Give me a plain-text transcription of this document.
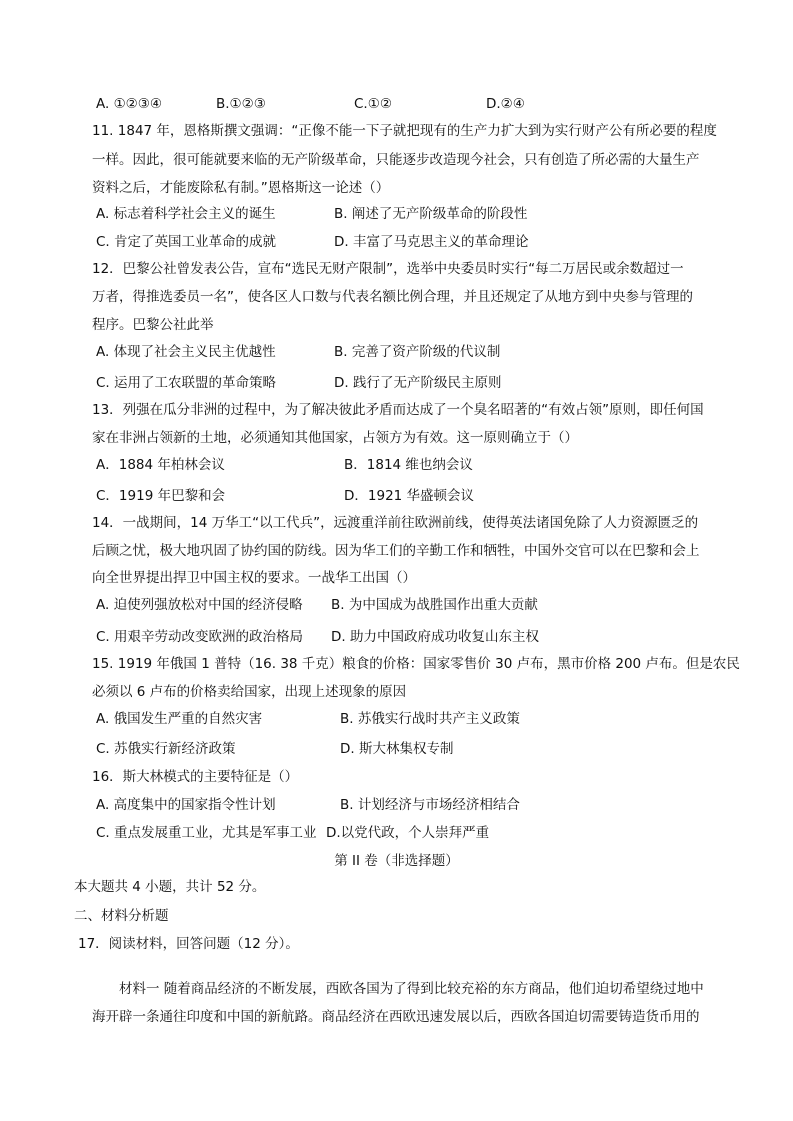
A. ①②③④	B.①②③	C.①②	D.②④
11. 1847 年，恩格斯撰文强调：“正像不能一下子就把现有的生产力扩大到为实行财产公有所必要的程度
一样。因此，很可能就要来临的无产阶级革命，只能逐步改造现今社会，只有创造了所必需的大量生产
资料之后，才能废除私有制。”恩格斯这一论述（）
A. 标志着科学社会主义的诞生	B. 阐述了无产阶级革命的阶段性
C. 肯定了英国工业革命的成就	D. 丰富了马克思主义的革命理论
12．巴黎公社曾发表公告，宣布“选民无财产限制”，选举中央委员时实行“每二万居民或余数超过一
万者，得推选委员一名”，使各区人口数与代表名额比例合理，并且还规定了从地方到中央参与管理的
程序。巴黎公社此举
A. 体现了社会主义民主优越性	B. 完善了资产阶级的代议制
C. 运用了工农联盟的革命策略	D. 践行了无产阶级民主原则
13．列强在瓜分非洲的过程中，为了解决彼此矛盾而达成了一个臭名昭著的“有效占领”原则，即任何国
家在非洲占领新的土地，必须通知其他国家，占领方为有效。这一原则确立于（）
A．1884 年柏林会议	B．1814 维也纳会议
C．1919 年巴黎和会	D．1921 华盛顿会议
14．一战期间，14 万华工“以工代兵”，远渡重洋前往欧洲前线，使得英法诸国免除了人力资源匮乏的
后顾之忧，极大地巩固了协约国的防线。因为华工们的辛勤工作和牺牲，中国外交官可以在巴黎和会上
向全世界提出捍卫中国主权的要求。一战华工出国（）
A. 迫使列强放松对中国的经济侵略 B. 为中国成为战胜国作出重大贡献
C. 用艰辛劳动改变欧洲的政治格局 D. 助力中国政府成功收复山东主权
15. 1919 年俄国 1 普特（16. 38 千克）粮食的价格：国家零售价 30 卢布，黑市价格 200 卢布。但是农民
必须以 6 卢布的价格卖给国家，出现上述现象的原因
A. 俄国发生严重的自然灾害	B. 苏俄实行战时共产主义政策
C. 苏俄实行新经济政策	D. 斯大林集权专制
16．斯大林模式的主要特征是（）
A. 高度集中的国家指令性计划	B. 计划经济与市场经济相结合
C. 重点发展重工业，尤其是军事工业 D.以党代政，个人崇拜严重
第 II 卷（非选择题）
本大题共 4 小题，共计 52 分。
二、材料分析题
17．阅读材料，回答问题（12 分）。
材料一 随着商品经济的不断发展，西欧各国为了得到比较充裕的东方商品，他们迫切希望绕过地中海开辟一条通往印度和中国的新航路。商品经济在西欧迅速发展以后，西欧各国迫切需要铸造货币用的
